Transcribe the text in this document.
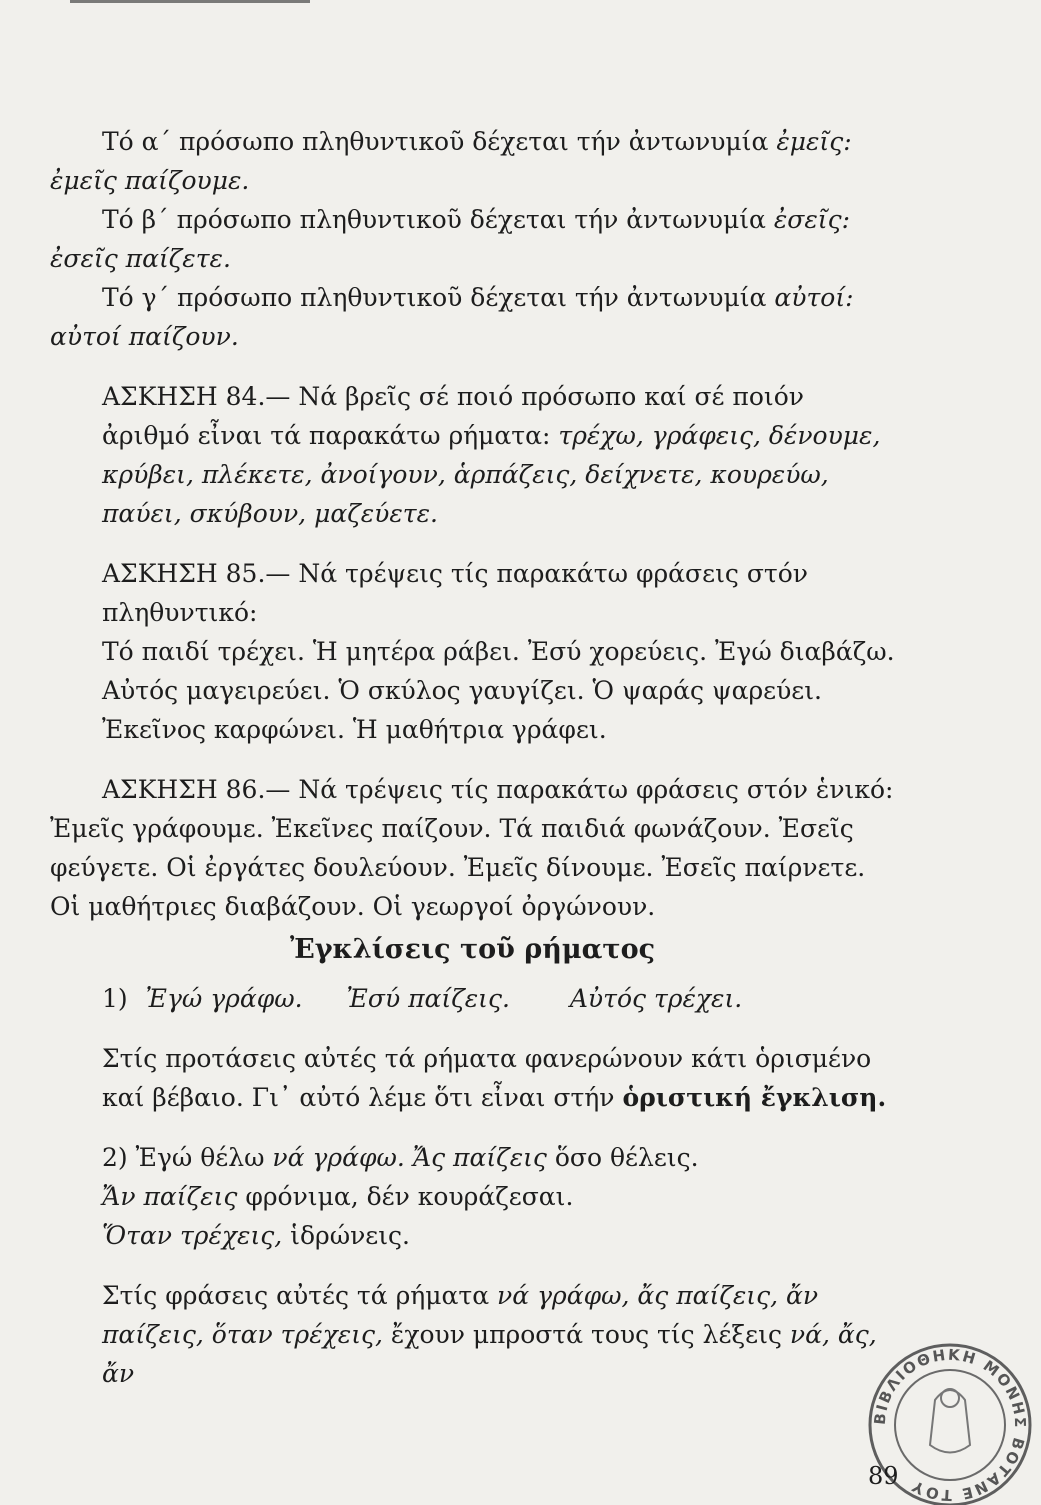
Τό α΄ πρόσωπο πληθυντικοῦ δέχεται τήν ἀντωνυμία ἐμεῖς:

ἐμεῖς παίζουμε.

Τό β΄ πρόσωπο πληθυντικοῦ δέχεται τήν ἀντωνυμία ἐσεῖς:

ἐσεῖς παίζετε.

Τό γ΄ πρόσωπο πληθυντικοῦ δέχεται τήν ἀντωνυμία αὐτοί:

αὐτοί παίζουν.

ΑΣΚΗΣΗ 84.— Νά βρεῖς σέ ποιό πρόσωπο καί σέ ποιόν ἀριθμό εἶναι τά παρακάτω ρήματα: τρέχω, γράφεις, δένουμε, κρύβει, πλέκετε, ἀνοίγουν, ἁρπάζεις, δείχνετε, κουρεύω, παύει, σκύβουν, μαζεύετε.

ΑΣΚΗΣΗ 85.— Νά τρέψεις τίς παρακάτω φράσεις στόν πληθυντικό:

Τό παιδί τρέχει. Ἡ μητέρα ράβει. Ἐσύ χορεύεις. Ἐγώ διαβάζω. Αὐτός μαγειρεύει. Ὁ σκύλος γαυγίζει. Ὁ ψαράς ψαρεύει. Ἐκεῖνος καρφώνει. Ἡ μαθήτρια γράφει.

ΑΣΚΗΣΗ 86.— Νά τρέψεις τίς παρακάτω φράσεις στόν ἑνικό:

Ἐμεῖς γράφουμε. Ἐκεῖνες παίζουν. Τά παιδιά φωνάζουν. Ἐσεῖς φεύγετε. Οἱ ἐργάτες δουλεύουν. Ἐμεῖς δίνουμε. Ἐσεῖς παίρνετε. Οἱ μαθήτριες διαβάζουν. Οἱ γεωργοί ὀργώνουν.

Ἐγκλίσεις τοῦ ρήματος

1) Ἐγώ γράφω. Ἐσύ παίζεις. Αὐτός τρέχει.

Στίς προτάσεις αὐτές τά ρήματα φανερώνουν κάτι ὁρισμένο καί βέβαιο. Γι᾿ αὐτό λέμε ὅτι εἶναι στήν ὁριστική ἔγκλιση.

2) Ἐγώ θέλω νά γράφω. Ἄς παίζεις ὅσο θέλεις.

Ἄν παίζεις φρόνιμα, δέν κουράζεσαι.

Ὅταν τρέχεις, ἱδρώνεις.

Στίς φράσεις αὐτές τά ρήματα νά γράφω, ἄς παίζεις, ἄν παίζεις, ὅταν τρέχεις, ἔχουν μπροστά τους τίς λέξεις νά, ἄς, ἄν

ΒΙΒΛΙΟΘΗΚΗ ΜΟΝΗΣ ΒΟΤΑΝΕ ΤΟΥ
89
